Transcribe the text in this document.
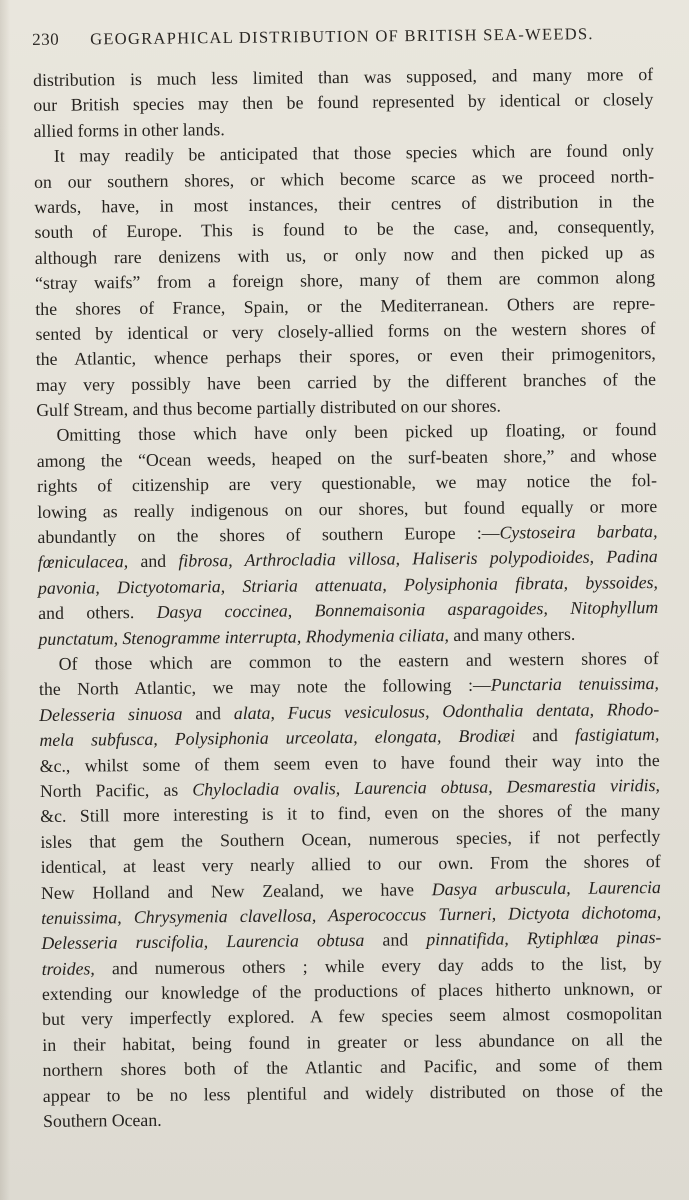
230 GEOGRAPHICAL DISTRIBUTION OF BRITISH SEA-WEEDS.
distribution is much less limited than was supposed, and many more of
our British species may then be found represented by identical or closely
allied forms in other lands.
It may readily be anticipated that those species which are found only
on our southern shores, or which become scarce as we proceed north-
wards, have, in most instances, their centres of distribution in the
south of Europe. This is found to be the case, and, consequently,
although rare denizens with us, or only now and then picked up as
“stray waifs” from a foreign shore, many of them are common along
the shores of France, Spain, or the Mediterranean. Others are repre-
sented by identical or very closely-allied forms on the western shores of
the Atlantic, whence perhaps their spores, or even their primogenitors,
may very possibly have been carried by the different branches of the
Gulf Stream, and thus become partially distributed on our shores.
Omitting those which have only been picked up floating, or found
among the “Ocean weeds, heaped on the surf-beaten shore,” and whose
rights of citizenship are very questionable, we may notice the fol-
lowing as really indigenous on our shores, but found equally or more
abundantly on the shores of southern Europe :—Cystoseira barbata,
fœniculacea, and fibrosa, Arthrocladia villosa, Haliseris polypodioides, Padina
pavonia, Dictyotomaria, Striaria attenuata, Polysiphonia fibrata, byssoides,
and others. Dasya coccinea, Bonnemaisonia asparagoides, Nitophyllum
punctatum, Stenogramme interrupta, Rhodymenia ciliata, and many others.
Of those which are common to the eastern and western shores of
the North Atlantic, we may note the following :—Punctaria tenuissima,
Delesseria sinuosa and alata, Fucus vesiculosus, Odonthalia dentata, Rhodo-
mela subfusca, Polysiphonia urceolata, elongata, Brodiæi and fastigiatum,
&c., whilst some of them seem even to have found their way into the
North Pacific, as Chylocladia ovalis, Laurencia obtusa, Desmarestia viridis,
&c. Still more interesting is it to find, even on the shores of the many
isles that gem the Southern Ocean, numerous species, if not perfectly
identical, at least very nearly allied to our own. From the shores of
New Holland and New Zealand, we have Dasya arbuscula, Laurencia
tenuissima, Chrysymenia clavellosa, Asperococcus Turneri, Dictyota dichotoma,
Delesseria ruscifolia, Laurencia obtusa and pinnatifida, Rytiphlœa pinas-
troides, and numerous others ; while every day adds to the list, by
extending our knowledge of the productions of places hitherto unknown, or
but very imperfectly explored. A few species seem almost cosmopolitan
in their habitat, being found in greater or less abundance on all the
northern shores both of the Atlantic and Pacific, and some of them
appear to be no less plentiful and widely distributed on those of the
Southern Ocean.
